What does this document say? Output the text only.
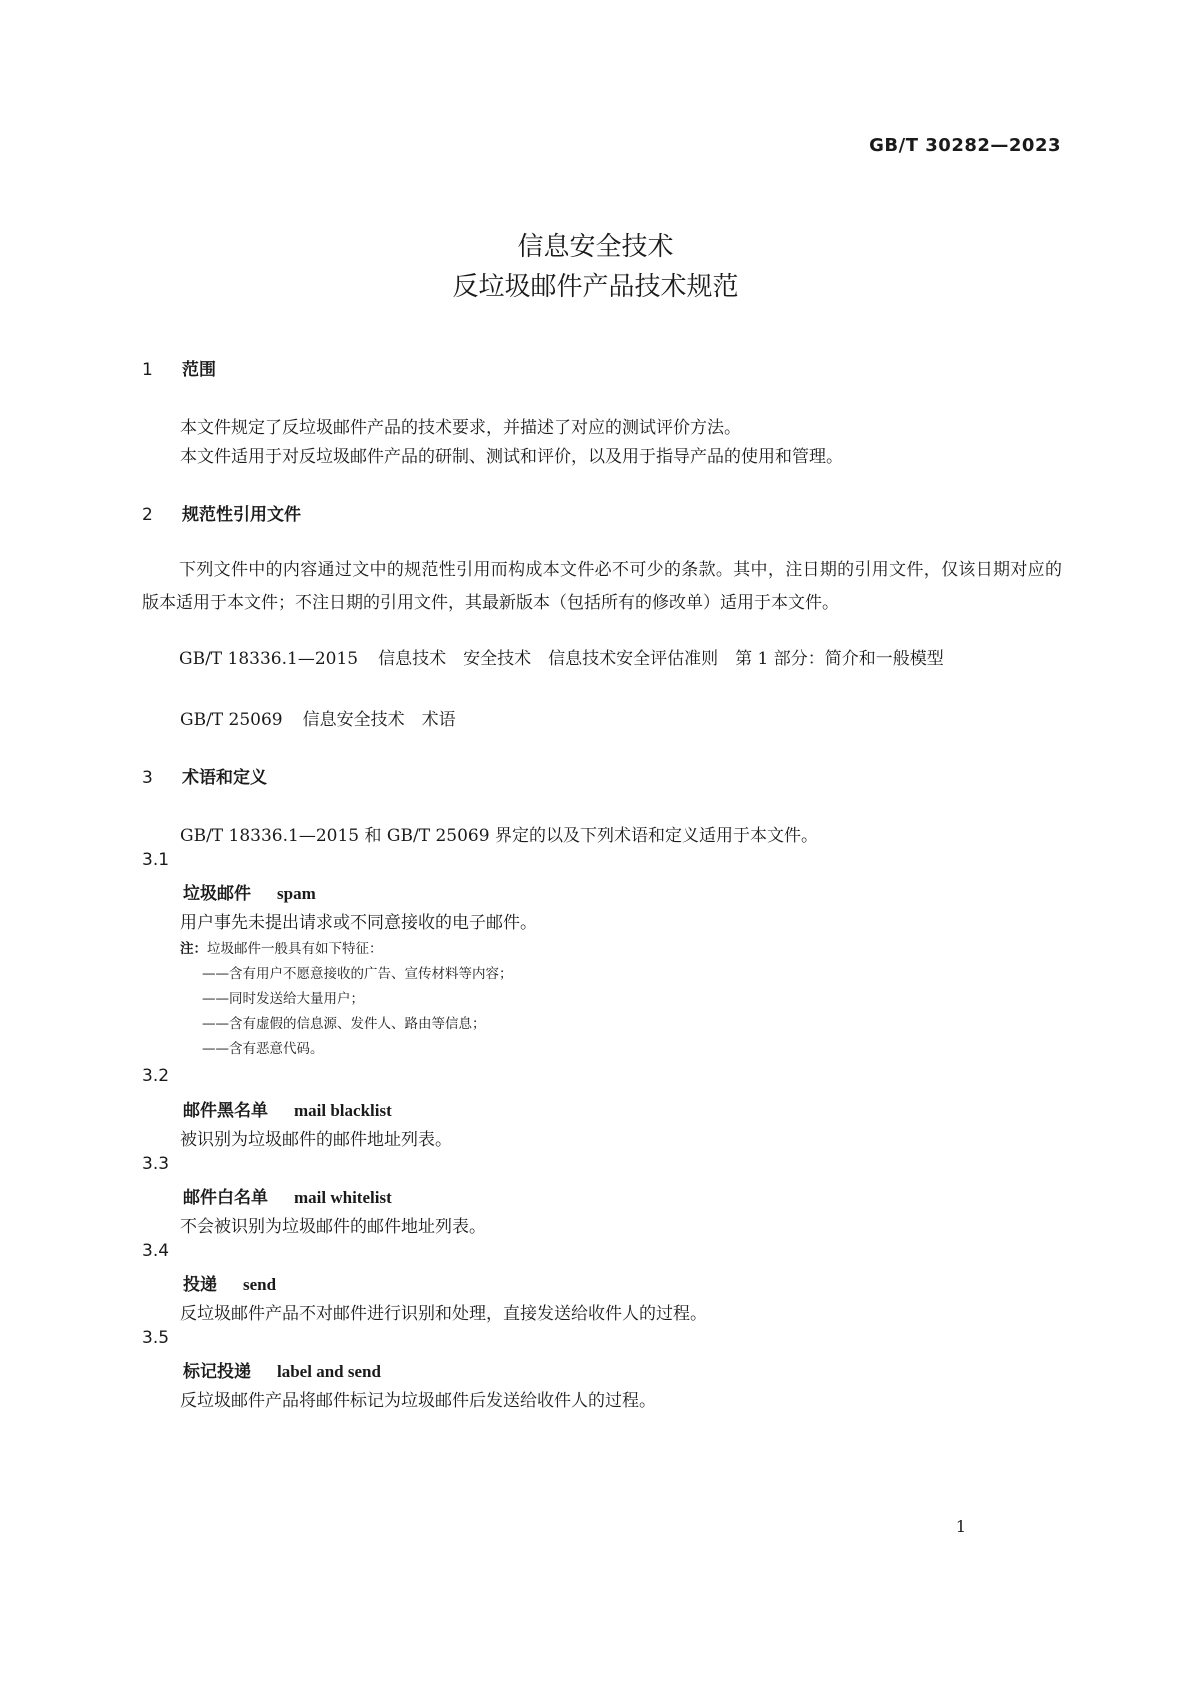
GB/T 30282—2023
信息安全技术
反垃圾邮件产品技术规范
1 范围
本文件规定了反垃圾邮件产品的技术要求，并描述了对应的测试评价方法。
本文件适用于对反垃圾邮件产品的研制、测试和评价，以及用于指导产品的使用和管理。
2 规范性引用文件
下列文件中的内容通过文中的规范性引用而构成本文件必不可少的条款。其中，注日期的引用文件，仅该日期对应的版本适用于本文件；不注日期的引用文件，其最新版本（包括所有的修改单）适用于本文件。
GB/T 18336.1—2015 信息技术　安全技术　信息技术安全评估准则　第 1 部分：简介和一般模型
GB/T 25069 信息安全技术　术语
3 术语和定义
GB/T 18336.1—2015 和 GB/T 25069 界定的以及下列术语和定义适用于本文件。
3.1
垃圾邮件 spam
用户事先未提出请求或不同意接收的电子邮件。
注：垃圾邮件一般具有如下特征：
——含有用户不愿意接收的广告、宣传材料等内容；
——同时发送给大量用户；
——含有虚假的信息源、发件人、路由等信息；
——含有恶意代码。
3.2
邮件黑名单 mail blacklist
被识别为垃圾邮件的邮件地址列表。
3.3
邮件白名单 mail whitelist
不会被识别为垃圾邮件的邮件地址列表。
3.4
投递 send
反垃圾邮件产品不对邮件进行识别和处理，直接发送给收件人的过程。
3.5
标记投递 label and send
反垃圾邮件产品将邮件标记为垃圾邮件后发送给收件人的过程。
1
